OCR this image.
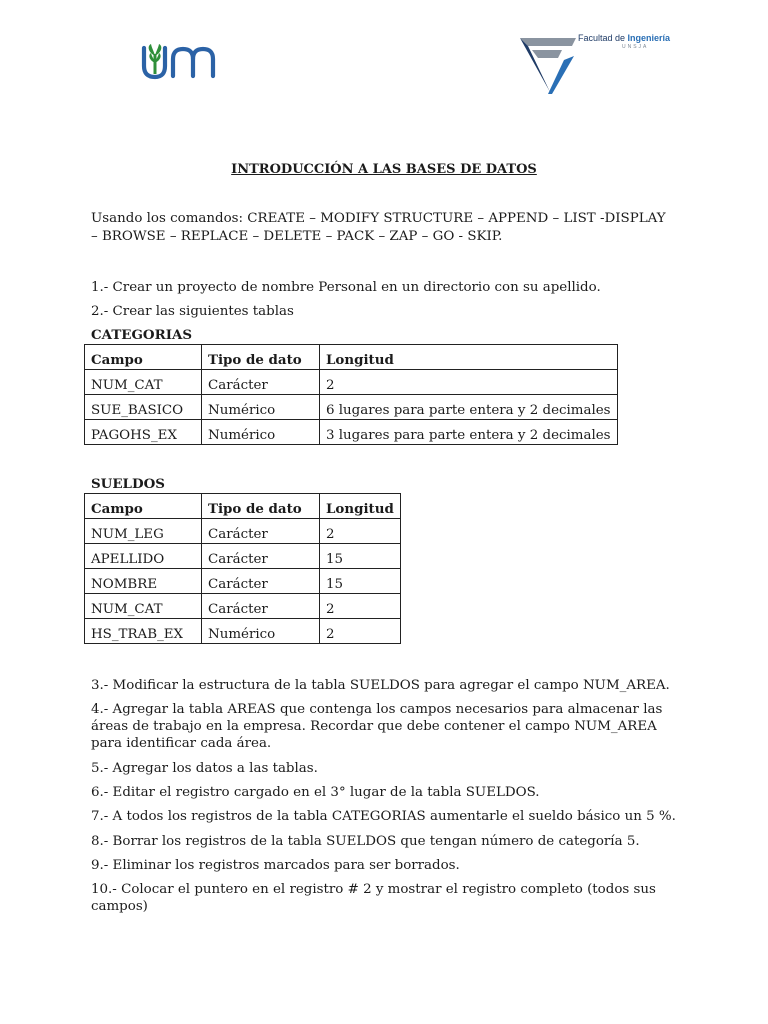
Facultad de Ingeniería
UNSJA
INTRODUCCIÓN A LAS BASES DE DATOS
Usando los comandos: CREATE – MODIFY STRUCTURE – APPEND – LIST -DISPLAY – BROWSE – REPLACE – DELETE – PACK – ZAP – GO - SKIP.
1.- Crear un proyecto de nombre Personal en un directorio con su apellido.
2.- Crear las siguientes tablas
CATEGORIAS
Campo	Tipo de dato	Longitud
NUM_CAT	Carácter	2
SUE_BASICO	Numérico	6 lugares para parte entera y 2 decimales
PAGOHS_EX	Numérico	3 lugares para parte entera y 2 decimales
SUELDOS
Campo	Tipo de dato	Longitud
NUM_LEG	Carácter	2
APELLIDO	Carácter	15
NOMBRE	Carácter	15
NUM_CAT	Carácter	2
HS_TRAB_EX	Numérico	2
3.- Modificar la estructura de la tabla SUELDOS para agregar el campo NUM_AREA.
4.- Agregar la tabla AREAS que contenga los campos necesarios para almacenar las áreas de trabajo en la empresa. Recordar que debe contener el campo NUM_AREA para identificar cada área.
5.- Agregar los datos a las tablas.
6.- Editar el registro cargado en el 3° lugar de la tabla SUELDOS.
7.- A todos los registros de la tabla CATEGORIAS aumentarle el sueldo básico un 5 %.
8.- Borrar los registros de la tabla SUELDOS que tengan número de categoría 5.
9.- Eliminar los registros marcados para ser borrados.
10.- Colocar el puntero en el registro # 2 y mostrar el registro completo (todos sus campos)
